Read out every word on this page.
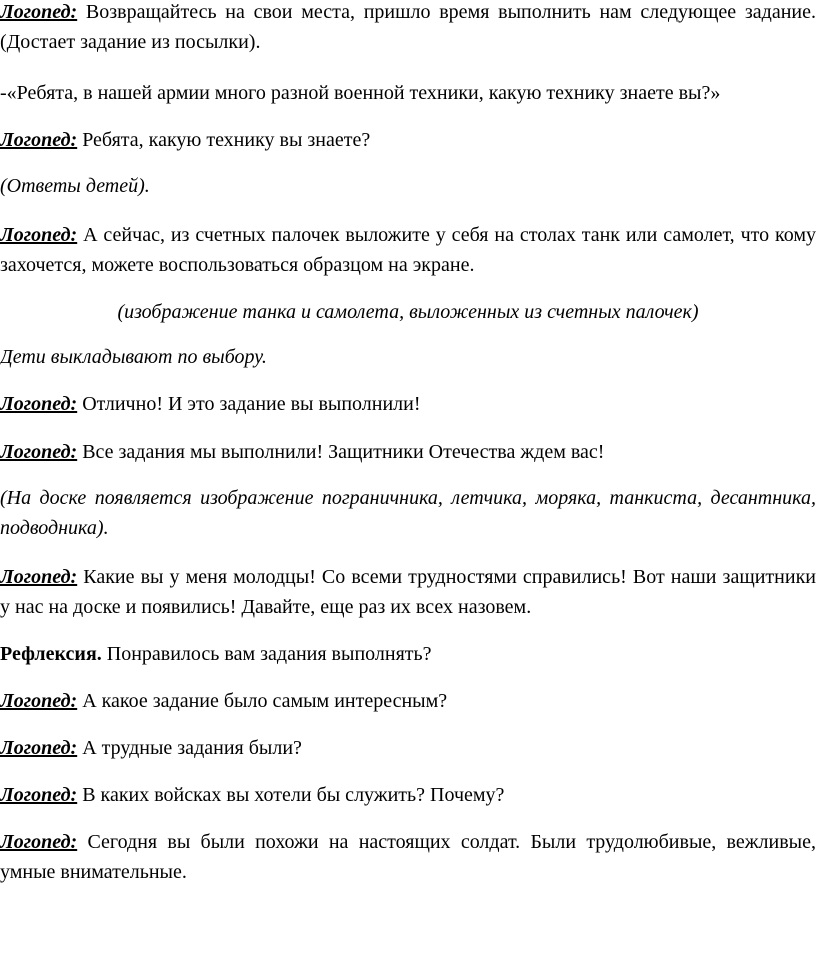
Логопед: Возвращайтесь на свои места, пришло время выполнить нам следующее задание. (Достает задание из посылки).

-«Ребята, в нашей армии много разной военной техники, какую технику знаете вы?»

Логопед: Ребята, какую технику вы знаете?

(Ответы детей).

Логопед: А сейчас, из счетных палочек выложите у себя на столах танк или самолет, что кому захочется, можете воспользоваться образцом на экране.

(изображение танка и самолета, выложенных из счетных палочек)

Дети выкладывают по выбору.

Логопед: Отлично! И это задание вы выполнили!

Логопед: Все задания мы выполнили! Защитники Отечества ждем вас!

(На доске появляется изображение пограничника, летчика, моряка, танкиста, десантника, подводника).

Логопед: Какие вы у меня молодцы! Со всеми трудностями справились! Вот наши защитники у нас на доске и появились! Давайте, еще раз их всех назовем.

Рефлексия. Понравилось вам задания выполнять?

Логопед: А какое задание было самым интересным?

Логопед: А трудные задания были?

Логопед: В каких войсках вы хотели бы служить? Почему?

Логопед: Сегодня вы были похожи на настоящих солдат. Были трудолюбивые, вежливые, умные внимательные.
